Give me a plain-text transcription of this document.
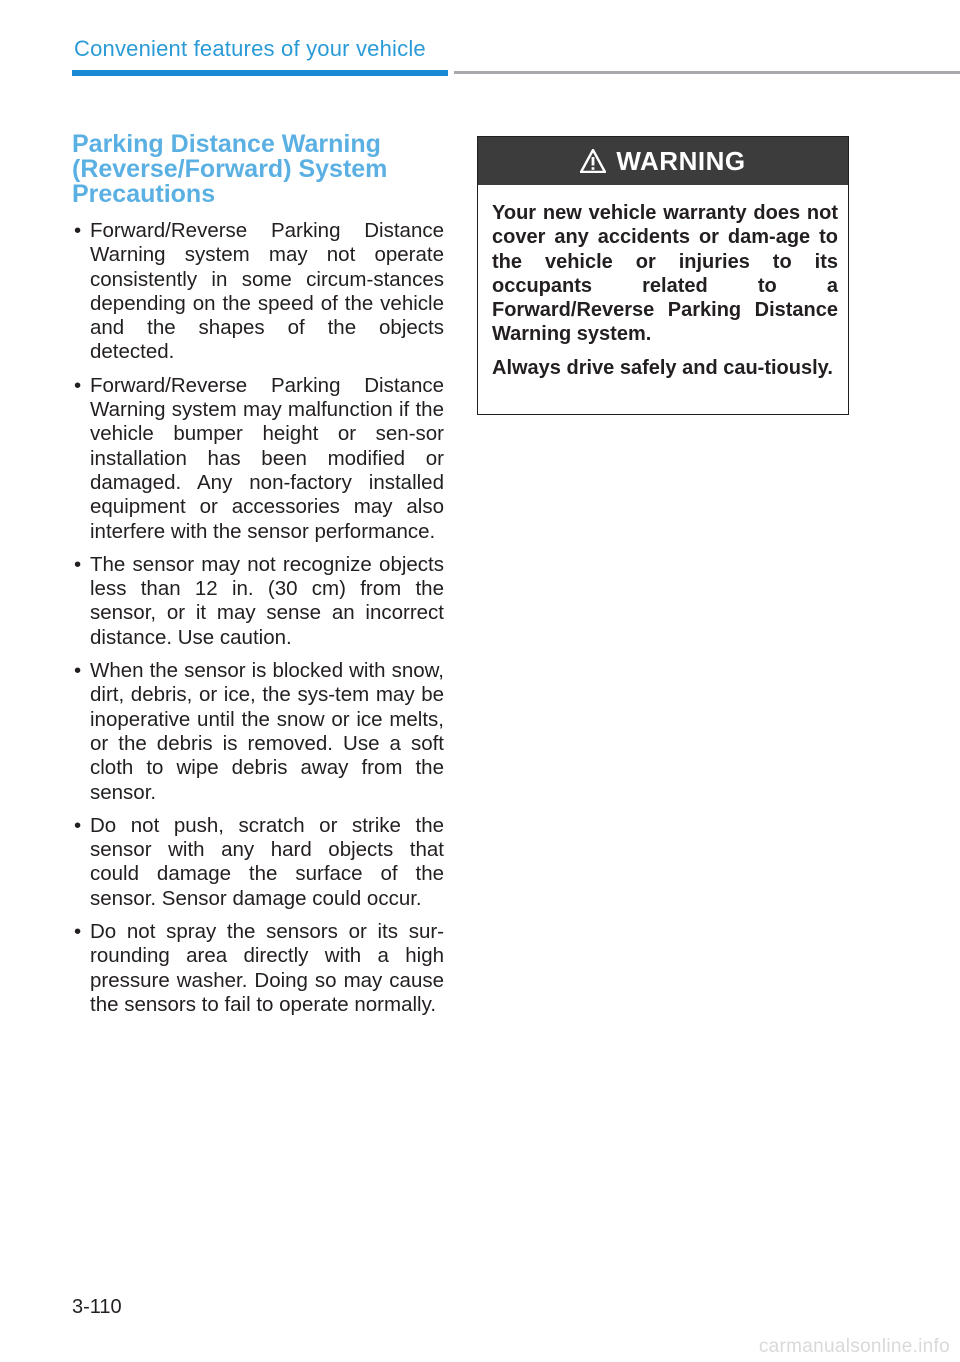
Convenient features of your vehicle
Parking Distance Warning
(Reverse/Forward) System
Precautions
• Forward/Reverse Parking Distance Warning system may not operate consistently in some circum-stances depending on the speed of the vehicle and the shapes of the objects detected.
• Forward/Reverse Parking Distance Warning system may malfunction if the vehicle bumper height or sen-sor installation has been modified or damaged. Any non-factory installed equipment or accessories may also interfere with the sensor performance.
• The sensor may not recognize objects less than 12 in. (30 cm) from the sensor, or it may sense an incorrect distance. Use caution.
• When the sensor is blocked with snow, dirt, debris, or ice, the sys-tem may be inoperative until the snow or ice melts, or the debris is removed. Use a soft cloth to wipe debris away from the sensor.
• Do not push, scratch or strike the sensor with any hard objects that could damage the surface of the sensor. Sensor damage could occur.
• Do not spray the sensors or its sur-rounding area directly with a high pressure washer. Doing so may cause the sensors to fail to operate normally.
WARNING

Your new vehicle warranty does not cover any accidents or dam-age to the vehicle or injuries to its occupants related to a Forward/Reverse Parking Distance Warning system.

Always drive safely and cau-tiously.

3-110
carmanualsonline.info
